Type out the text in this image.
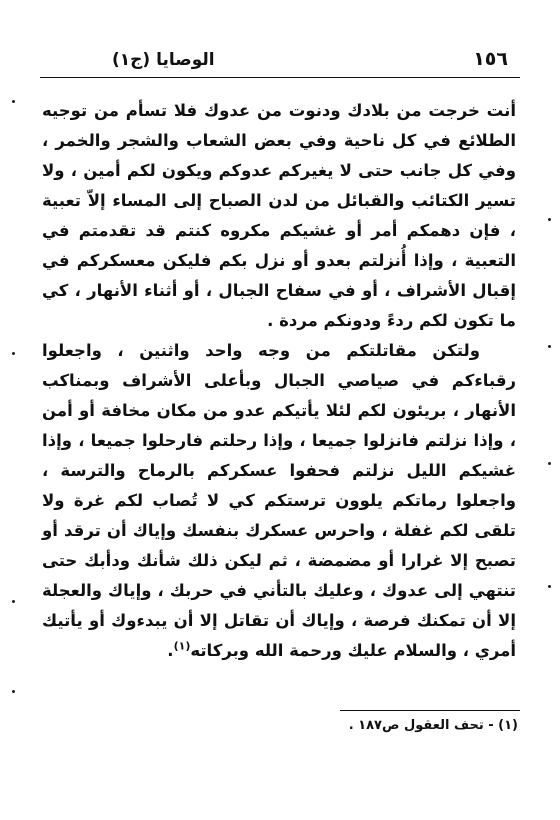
الوصايا (ج١)	١٥٦

أنت خرجت من بلادك ودنوت من عدوك فلا تسأم من توجيه الطلائع في كل ناحية وفي بعض الشعاب والشجر والخمر ، وفي كل جانب حتى لا يغيركم عدوكم ويكون لكم أمين ، ولا تسير الكتائب والقبائل من لدن الصباح إلى المساء إلاّ تعبية ، فإن دهمكم أمر أو غشيكم مكروه كنتم قد تقدمتم في التعبية ، وإذا أُنزلتم بعدو أو نزل بكم فليكن معسكركم في إقبال الأشراف ، أو في سفاح الجبال ، أو أثناء الأنهار ، كي ما تكون لكم ردءً ودونكم مردة .

ولتكن مقاتلتكم من وجه واحد واثنين ، واجعلوا رقباءكم في صياصي الجبال وبأعلى الأشراف وبمناكب الأنهار ، بريئون لكم لئلا يأتيكم عدو من مكان مخافة أو أمن ، وإذا نزلتم فانزلوا جميعا ، وإذا رحلتم فارحلوا جميعا ، وإذا غشيكم الليل نزلتم فحفوا عسكركم بالرماح والترسة ، واجعلوا رماتكم يلوون ترستكم كي لا تُصاب لكم غرة ولا تلقى لكم غفلة ، واحرس عسكرك بنفسك وإياك أن ترقد أو تصبح إلا غرارا أو مضمضة ، ثم ليكن ذلك شأنك ودأبك حتى تنتهي إلى عدوك ، وعليك بالتأني في حربك ، وإياك والعجلة إلا أن تمكنك فرصة ، وإياك أن تقاتل إلا أن يبدءوك أو يأتيك أمري ، والسلام عليك ورحمة الله وبركاته$^{(١)}$.

(١) - تحف العقول ص١٨٧ .
